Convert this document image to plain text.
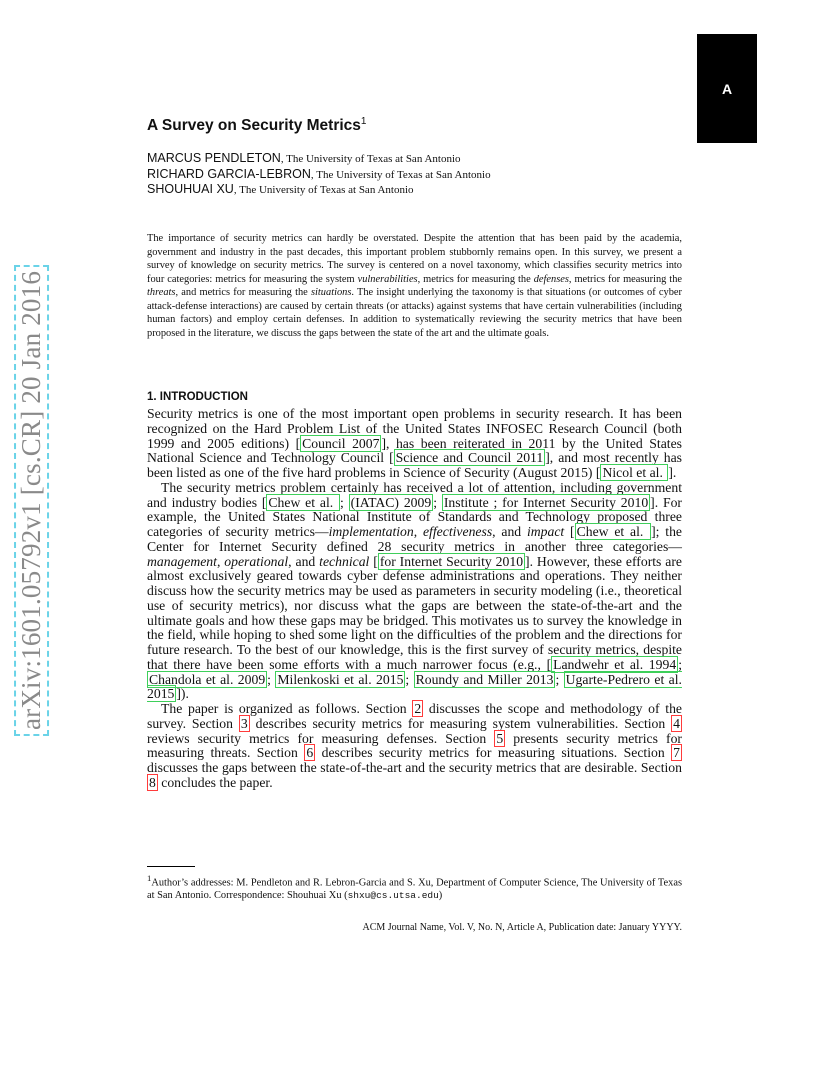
arXiv:1601.05792v1 [cs.CR] 20 Jan 2016
A
A Survey on Security Metrics$^1$
MARCUS PENDLETON, The University of Texas at San Antonio
RICHARD GARCIA-LEBRON, The University of Texas at San Antonio
SHOUHUAI XU, The University of Texas at San Antonio

The importance of security metrics can hardly be overstated. Despite the attention that has been paid by the academia, government and industry in the past decades, this important problem stubbornly remains open. In this survey, we present a survey of knowledge on security metrics. The survey is centered on a novel taxonomy, which classifies security metrics into four categories: metrics for measuring the system vulnerabilities, metrics for measuring the defenses, metrics for measuring the threats, and metrics for measuring the situations. The insight underlying the taxonomy is that situations (or outcomes of cyber attack-defense interactions) are caused by certain threats (or attacks) against systems that have certain vulnerabilities (including human factors) and employ certain defenses. In addition to systematically reviewing the security metrics that have been proposed in the literature, we discuss the gaps between the state of the art and the ultimate goals.

1. INTRODUCTION

Security metrics is one of the most important open problems in security research. It has been recognized on the Hard Problem List of the United States INFOSEC Research Council (both 1999 and 2005 editions) [ Council 2007 ], has been reiterated in 2011 by the United States National Science and Technology Council [ Science and Council 2011 ], and most recently has been listed as one of the five hard problems in Science of Security (August 2015) [ Nicol et al. ].

The security metrics problem certainly has received a lot of attention, including government and industry bodies [ Chew et al. ; (IATAC) 2009 ; Institute ; for Internet Security 2010 ]. For example, the United States National Institute of Standards and Technology proposed three categories of security metrics—implementation, effectiveness, and impact [ Chew et al. ]; the Center for Internet Security defined 28 security metrics in another three categories—management, operational, and technical [ for Internet Security 2010 ]. However, these efforts are almost exclusively geared towards cyber defense administrations and operations. They neither discuss how the security metrics may be used as parameters in security modeling (i.e., theoretical use of security metrics), nor discuss what the gaps are between the state-of-the-art and the ultimate goals and how these gaps may be bridged. This motivates us to survey the knowledge in the field, while hoping to shed some light on the difficulties of the problem and the directions for future research. To the best of our knowledge, this is the first survey of security metrics, despite that there have been some efforts with a much narrower focus (e.g., [ Landwehr et al. 1994 ; Chandola et al. 2009 ; Milenkoski et al. 2015 ; Roundy and Miller 2013 ; Ugarte-Pedrero et al. 2015 ]).

The paper is organized as follows. Section 2 discusses the scope and methodology of the survey. Section 3 describes security metrics for measuring system vulnerabilities. Section 4 reviews security metrics for measuring defenses. Section 5 presents security metrics for measuring threats. Section 6 describes security metrics for measuring situations. Section 7 discusses the gaps between the state-of-the-art and the security metrics that are desirable. Section 8 concludes the paper.

$^1$Author’s addresses: M. Pendleton and R. Lebron-Garcia and S. Xu, Department of Computer Science, The University of Texas at San Antonio. Correspondence: Shouhuai Xu (shxu@cs.utsa.edu)

ACM Journal Name, Vol. V, No. N, Article A, Publication date: January YYYY.
